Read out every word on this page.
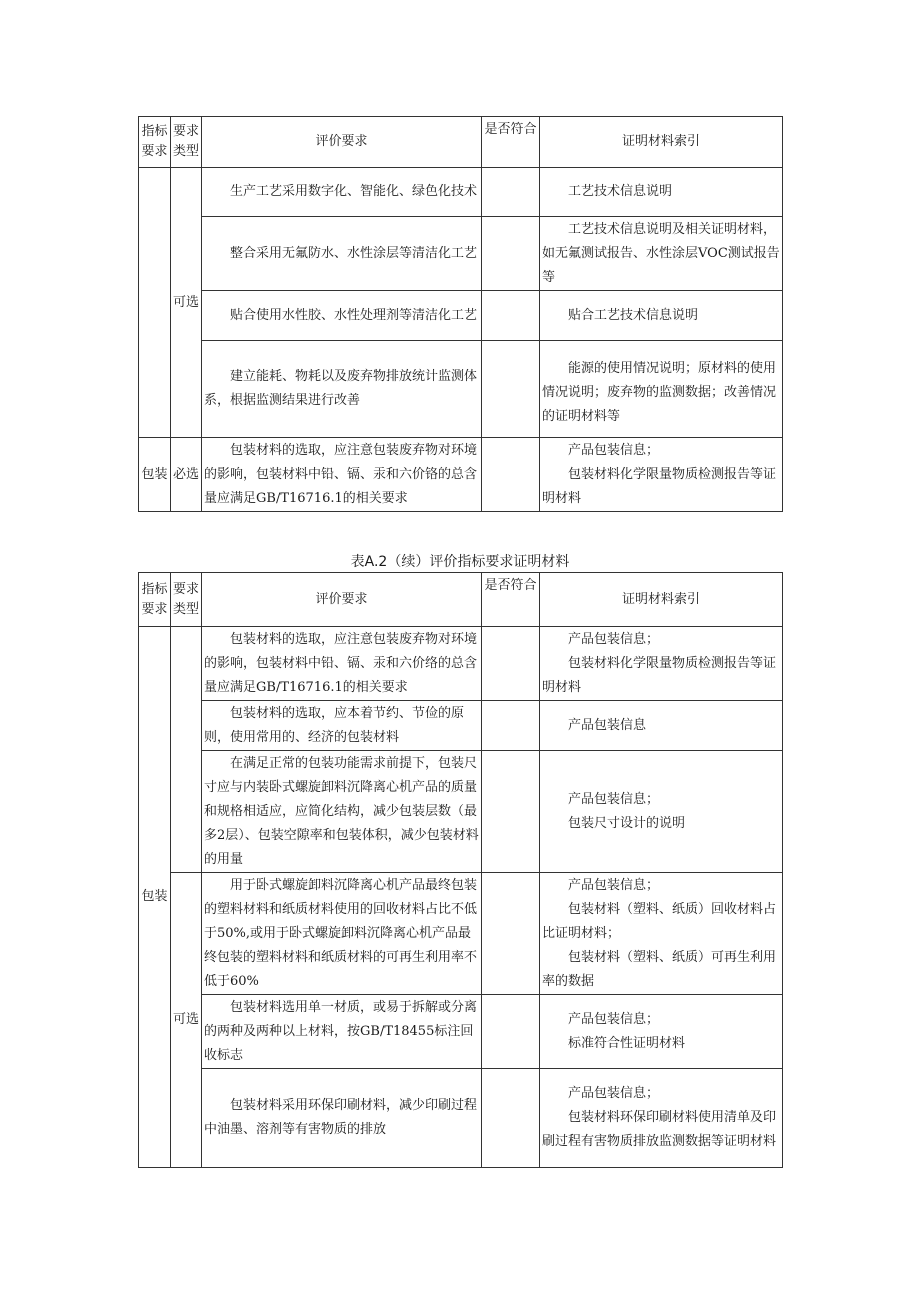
指标要求	要求类型	评价要求	是否符合	证明材料索引
	可选	生产工艺采用数字化、智能化、绿色化技术		工艺技术信息说明
		整合采用无氟防水、水性涂层等清洁化工艺		工艺技术信息说明及相关证明材料，如无氟测试报告、水性涂层VOC测试报告等
		贴合使用水性胶、水性处理剂等清洁化工艺		贴合工艺技术信息说明
		建立能耗、物耗以及废弃物排放统计监测体系，根据监测结果进行改善		能源的使用情况说明；原材料的使用情况说明；废弃物的监测数据；改善情况的证明材料等
包装	必选	包装材料的选取，应注意包装废弃物对环境的影响，包装材料中铅、镉、汞和六价铬的总含量应满足GB/T16716.1的相关要求		产品包装信息；
包装材料化学限量物质检测报告等证明材料
表A.2（续）评价指标要求证明材料
指标要求	要求类型	评价要求	是否符合	证明材料索引
包装		包装材料的选取，应注意包装废弃物对环境的影响，包装材料中铅、镉、汞和六价络的总含量应满足GB/T16716.1的相关要求		产品包装信息；
包装材料化学限量物质检测报告等证明材料

		包装材料的选取，应本着节约、节俭的原则，使用常用的、经济的包装材料		产品包装信息
		在满足正常的包装功能需求前提下，包装尺寸应与内装卧式螺旋卸料沉降离心机产品的质量和规格相适应，应简化结构，减少包装层数（最多2层）、包装空隙率和包装体积，减少包装材料的用量		产品包装信息；
包装尺寸设计的说明

	可选	用于卧式螺旋卸料沉降离心机产品最终包装的塑料材料和纸质材料使用的回收材料占比不低于50%,或用于卧式螺旋卸料沉降离心机产品最终包装的塑料材料和纸质材料的可再生利用率不低于60%		产品包装信息；
包装材料（塑料、纸质）回收材料占比证明材料；
包装材料（塑料、纸质）可再生利用率的数据

		包装材料选用单一材质，或易于拆解或分离的两种及两种以上材料，按GB/T18455标注回收标志		产品包装信息；
标准符合性证明材料

		包装材料采用环保印刷材料，减少印刷过程中油墨、溶剂等有害物质的排放		产品包装信息；
包装材料环保印刷材料使用清单及印刷过程有害物质排放监测数据等证明材料
